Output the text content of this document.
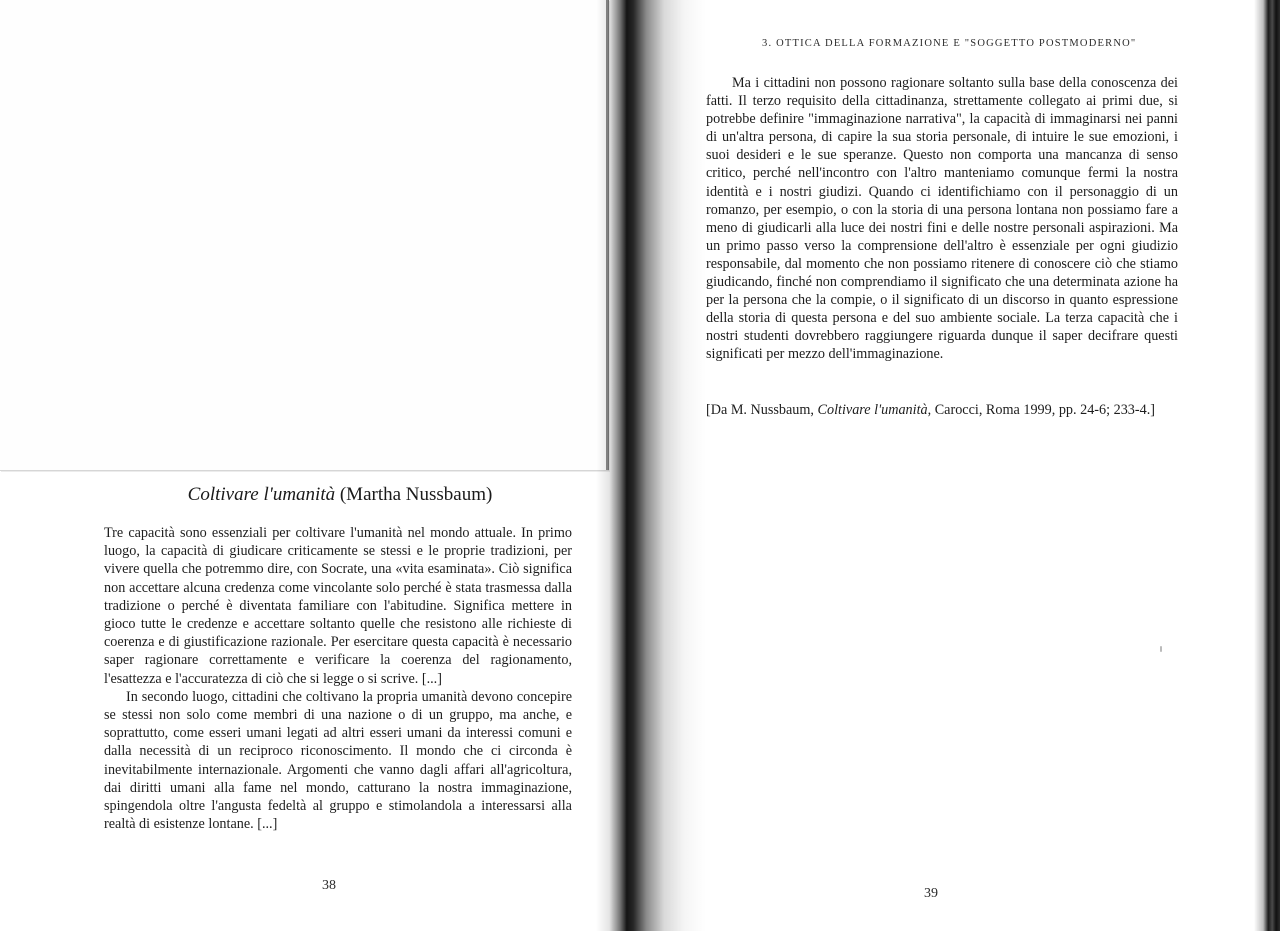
Coltivare l'umanità (Martha Nussbaum)

Tre capacità sono essenziali per coltivare l'umanità nel mondo attuale. In primo luogo, la capacità di giudicare criticamente se stessi e le proprie tradizioni, per vivere quella che potremmo dire, con Socrate, una «vita esaminata». Ciò significa non accettare alcuna credenza come vincolante solo perché è stata trasmessa dalla tradizione o perché è diventata familiare con l'abitudine. Significa mettere in gioco tutte le credenze e accettare soltanto quelle che resistono alle richieste di coerenza e di giustificazione razionale. Per esercitare questa capacità è necessario saper ragionare correttamente e verificare la coerenza del ragionamento, l'esattezza e l'accuratezza di ciò che si legge o si scrive. [...]

In secondo luogo, cittadini che coltivano la propria umanità devono concepire se stessi non solo come membri di una nazione o di un gruppo, ma anche, e soprattutto, come esseri umani legati ad altri esseri umani da interessi comuni e dalla necessità di un reciproco riconoscimento. Il mondo che ci circonda è inevitabilmente internazionale. Argomenti che vanno dagli affari all'agricoltura, dai diritti umani alla fame nel mondo, catturano la nostra immaginazione, spingendola oltre l'angusta fedeltà al gruppo e stimolandola a interessarsi alla realtà di esistenze lontane. [...]

38
3. OTTICA DELLA FORMAZIONE E "SOGGETTO POSTMODERNO"

Ma i cittadini non possono ragionare soltanto sulla base della conoscenza dei fatti. Il terzo requisito della cittadinanza, strettamente collegato ai primi due, si potrebbe definire "immaginazione narrativa", la capacità di immaginarsi nei panni di un'altra persona, di capire la sua storia personale, di intuire le sue emozioni, i suoi desideri e le sue speranze. Questo non comporta una mancanza di senso critico, perché nell'incontro con l'altro manteniamo comunque fermi la nostra identità e i nostri giudizi. Quando ci identifichiamo con il personaggio di un romanzo, per esempio, o con la storia di una persona lontana non possiamo fare a meno di giudicarli alla luce dei nostri fini e delle nostre personali aspirazioni. Ma un primo passo verso la comprensione dell'altro è essenziale per ogni giudizio responsabile, dal momento che non possiamo ritenere di conoscere ciò che stiamo giudicando, finché non comprendiamo il significato che una determinata azione ha per la persona che la compie, o il significato di un discorso in quanto espressione della storia di questa persona e del suo ambiente sociale. La terza capacità che i nostri studenti dovrebbero raggiungere riguarda dunque il saper decifrare questi significati per mezzo dell'immaginazione.

[Da M. Nussbaum, Coltivare l'umanità, Carocci, Roma 1999, pp. 24-6; 233-4.]
39
